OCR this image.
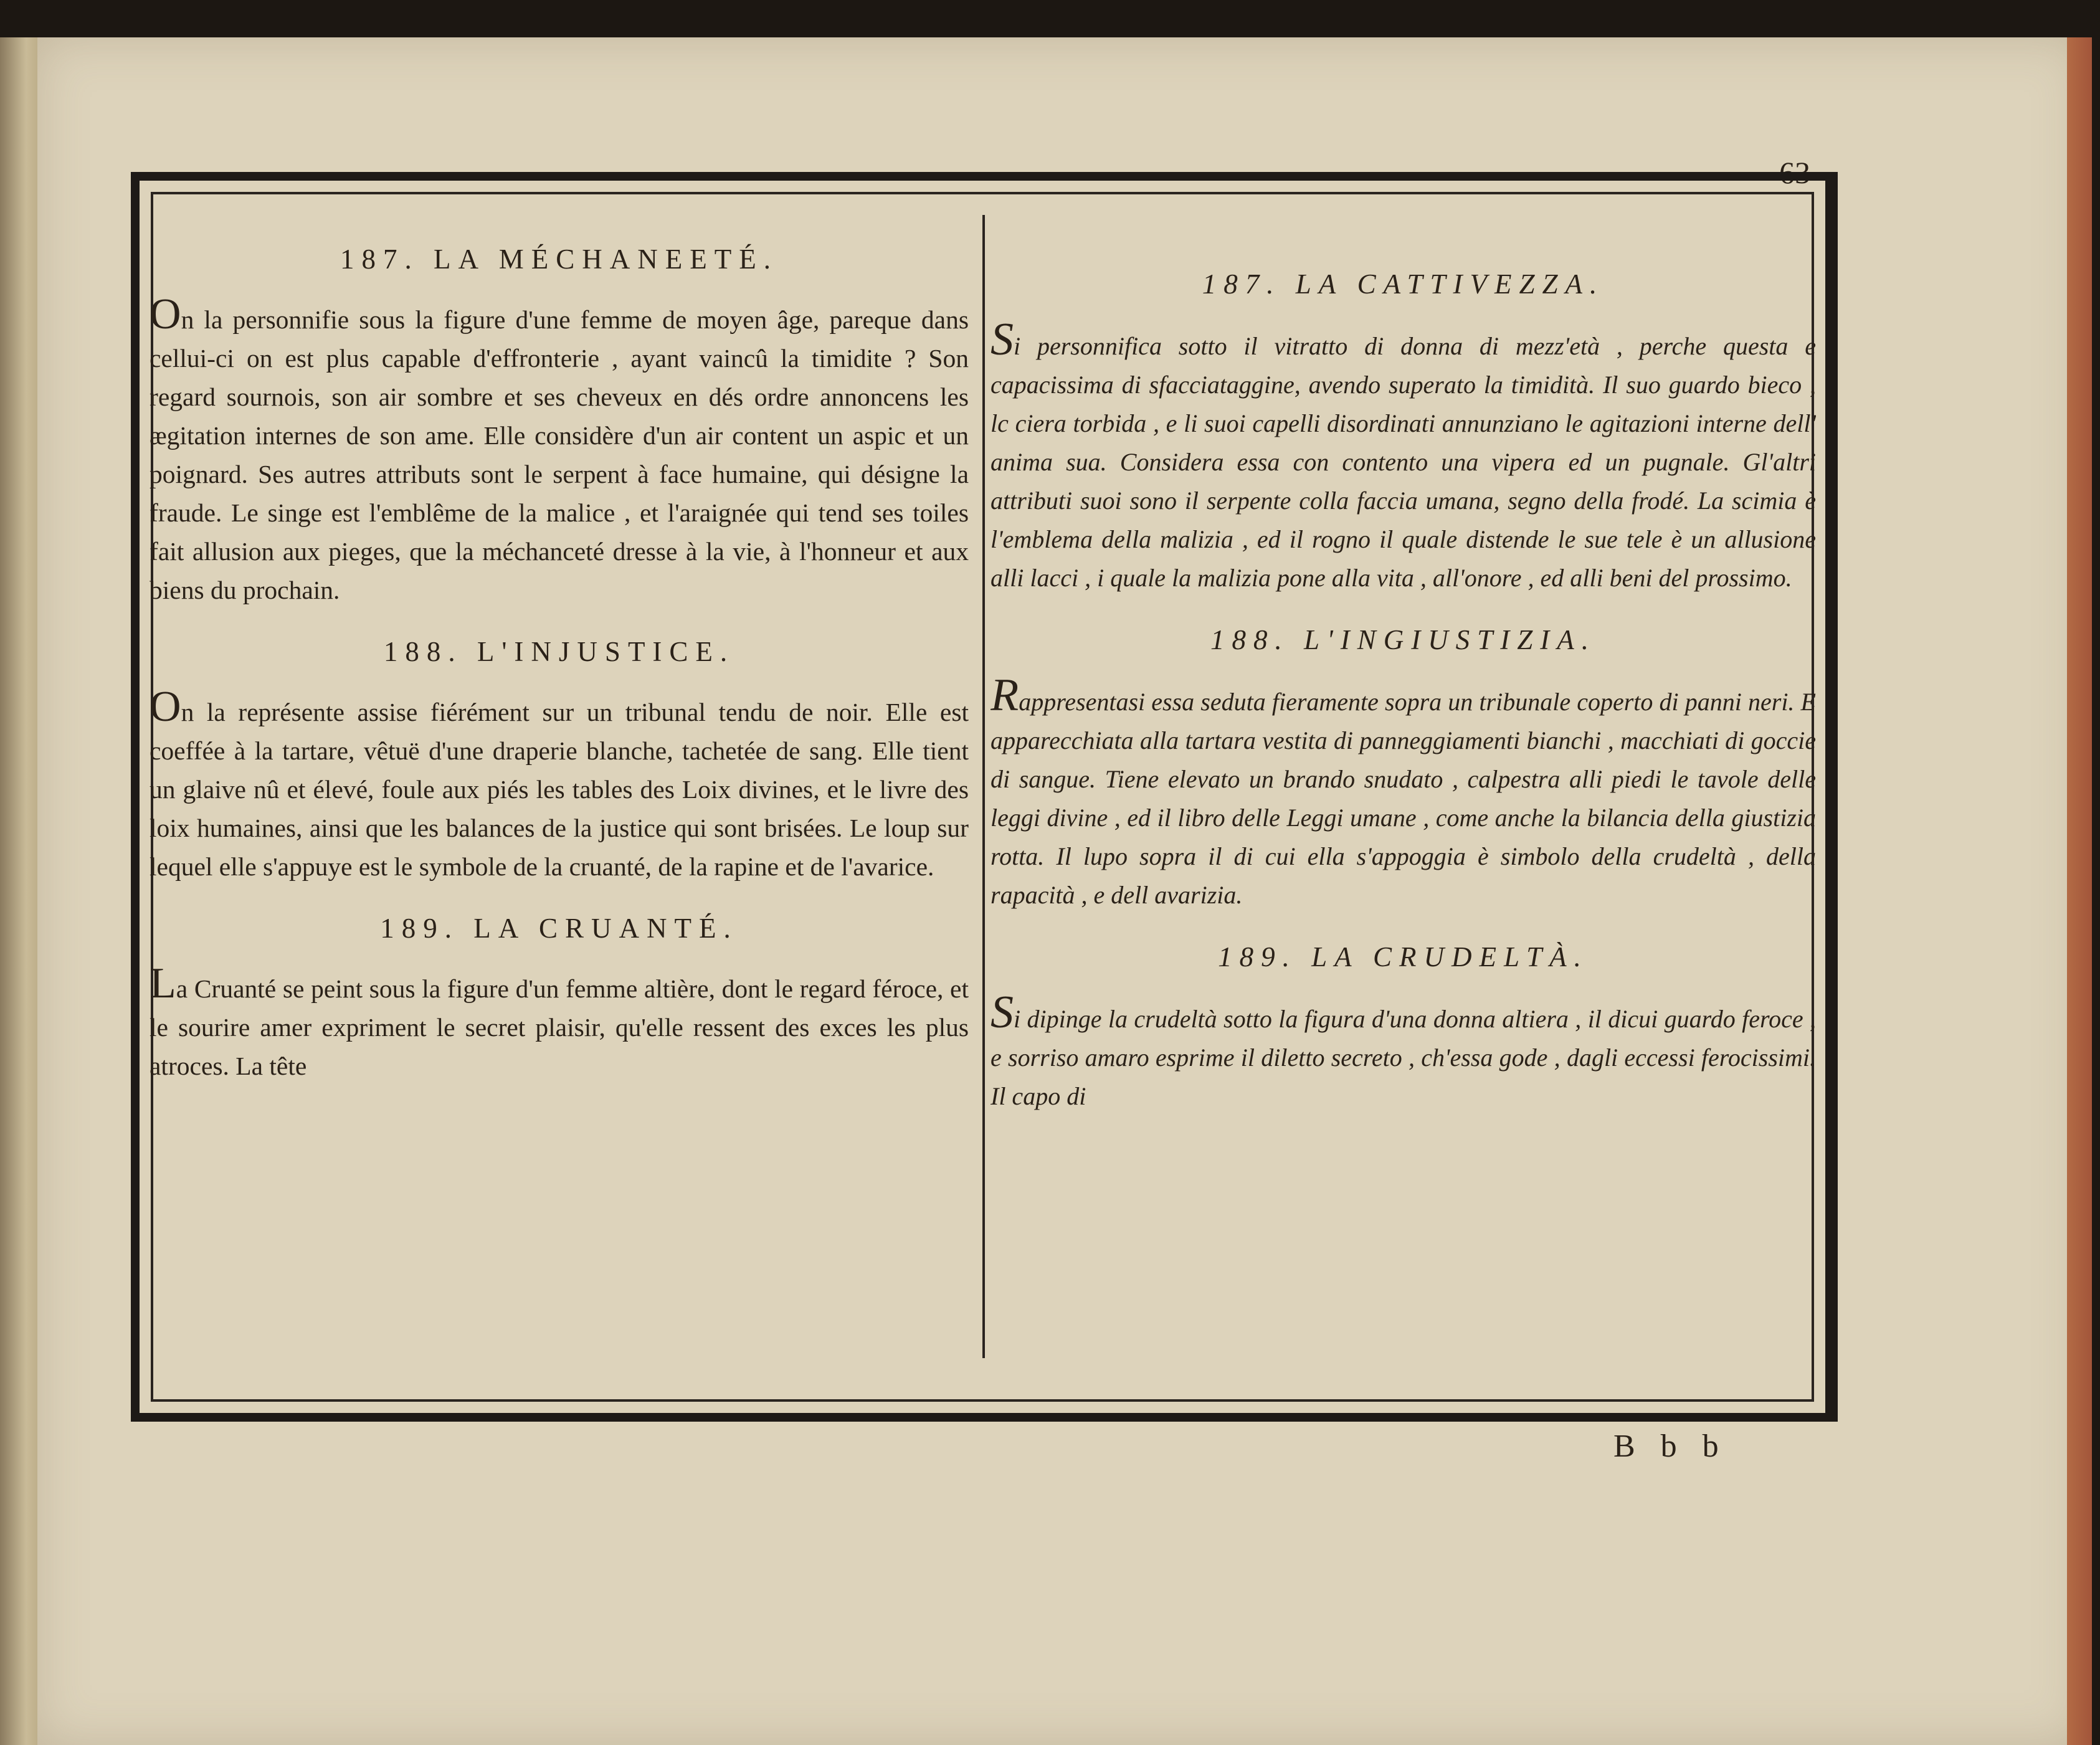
63
187. LA MÉCHANEETÉ.

On la personnifie sous la figure d'une femme de moyen âge, pareque dans cellui-ci on est plus capable d'effronterie , ayant vaincû la timidite ? Son regard sournois, son air sombre et ses cheveux en dés ordre annoncens les ægitation internes de son ame. Elle considère d'un air content un aspic et un poignard. Ses autres attributs sont le serpent à face humaine, qui désigne la fraude. Le singe est l'emblême de la malice , et l'araignée qui tend ses toiles fait allusion aux pieges, que la méchanceté dresse à la vie, à l'honneur et aux biens du prochain.

188. L'INJUSTICE.

On la représente assise fiérément sur un tribunal tendu de noir. Elle est coeffée à la tartare, vêtuë d'une draperie blanche, tachetée de sang. Elle tient un glaive nû et élevé, foule aux piés les tables des Loix divines, et le livre des loix humaines, ainsi que les balances de la justice qui sont brisées. Le loup sur lequel elle s'appuye est le symbole de la cruanté, de la rapine et de l'avarice.

189. LA CRUANTÉ.

La Cruanté se peint sous la figure d'un femme altière, dont le regard féroce, et le sourire amer expriment le secret plaisir, qu'elle ressent des exces les plus atroces. La tête

187. LA CATTIVEZZA.

Si personnifica sotto il vitratto di donna di mezz'età , perche questa e capacissima di sfacciataggine, avendo superato la timidità. Il suo guardo bieco , lc ciera torbida , e li suoi capelli disordinati annunziano le agitazioni interne dell' anima sua. Considera essa con contento una vipera ed un pugnale. Gl'altri attributi suoi sono il serpente colla faccia umana, segno della frodé. La scimia è l'emblema della malizia , ed il rogno il quale distende le sue tele è un allusione alli lacci , i quale la malizia pone alla vita , all'onore , ed alli beni del prossimo.

188. L'INGIUSTIZIA.

Rappresentasi essa seduta fieramente sopra un tribunale coperto di panni neri. E apparecchiata alla tartara vestita di panneggiamenti bianchi , macchiati di goccie di sangue. Tiene elevato un brando snudato , calpestra alli piedi le tavole delle leggi divine , ed il libro delle Leggi umane , come anche la bilancia della giustizia rotta. Il lupo sopra il di cui ella s'appoggia è simbolo della crudeltà , della rapacità , e dell avarizia.

189. LA CRUDELTÀ.

Si dipinge la crudeltà sotto la figura d'una donna altiera , il dicui guardo feroce , e sorriso amaro esprime il diletto secreto , ch'essa gode , dagli eccessi ferocissimi. Il capo di

B b b
